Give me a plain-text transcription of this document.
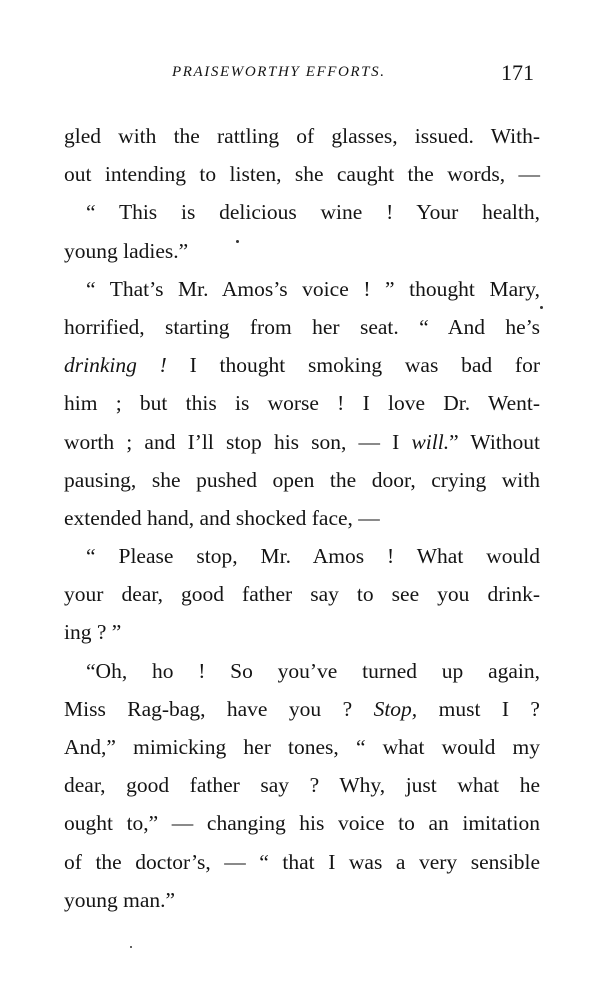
PRAISEWORTHY EFFORTS.	171
gled with the rattling of glasses, issued. With-
out intending to listen, she caught the words, —
“ This is delicious wine ! Your health,
young ladies.”
“ That’s Mr. Amos’s voice ! ” thought Mary,
horrified, starting from her seat. “ And he’s
drinking ! I thought smoking was bad for
him ; but this is worse ! I love Dr. Went-
worth ; and I’ll stop his son, — I will.” Without
pausing, she pushed open the door, crying with
extended hand, and shocked face, —
“ Please stop, Mr. Amos ! What would
your dear, good father say to see you drink-
ing ? ”
“Oh, ho ! So you’ve turned up again,
Miss Rag-bag, have you ? Stop, must I ?
And,” mimicking her tones, “ what would my
dear, good father say ? Why, just what he
ought to,” — changing his voice to an imitation
of the doctor’s, — “ that I was a very sensible
young man.”
